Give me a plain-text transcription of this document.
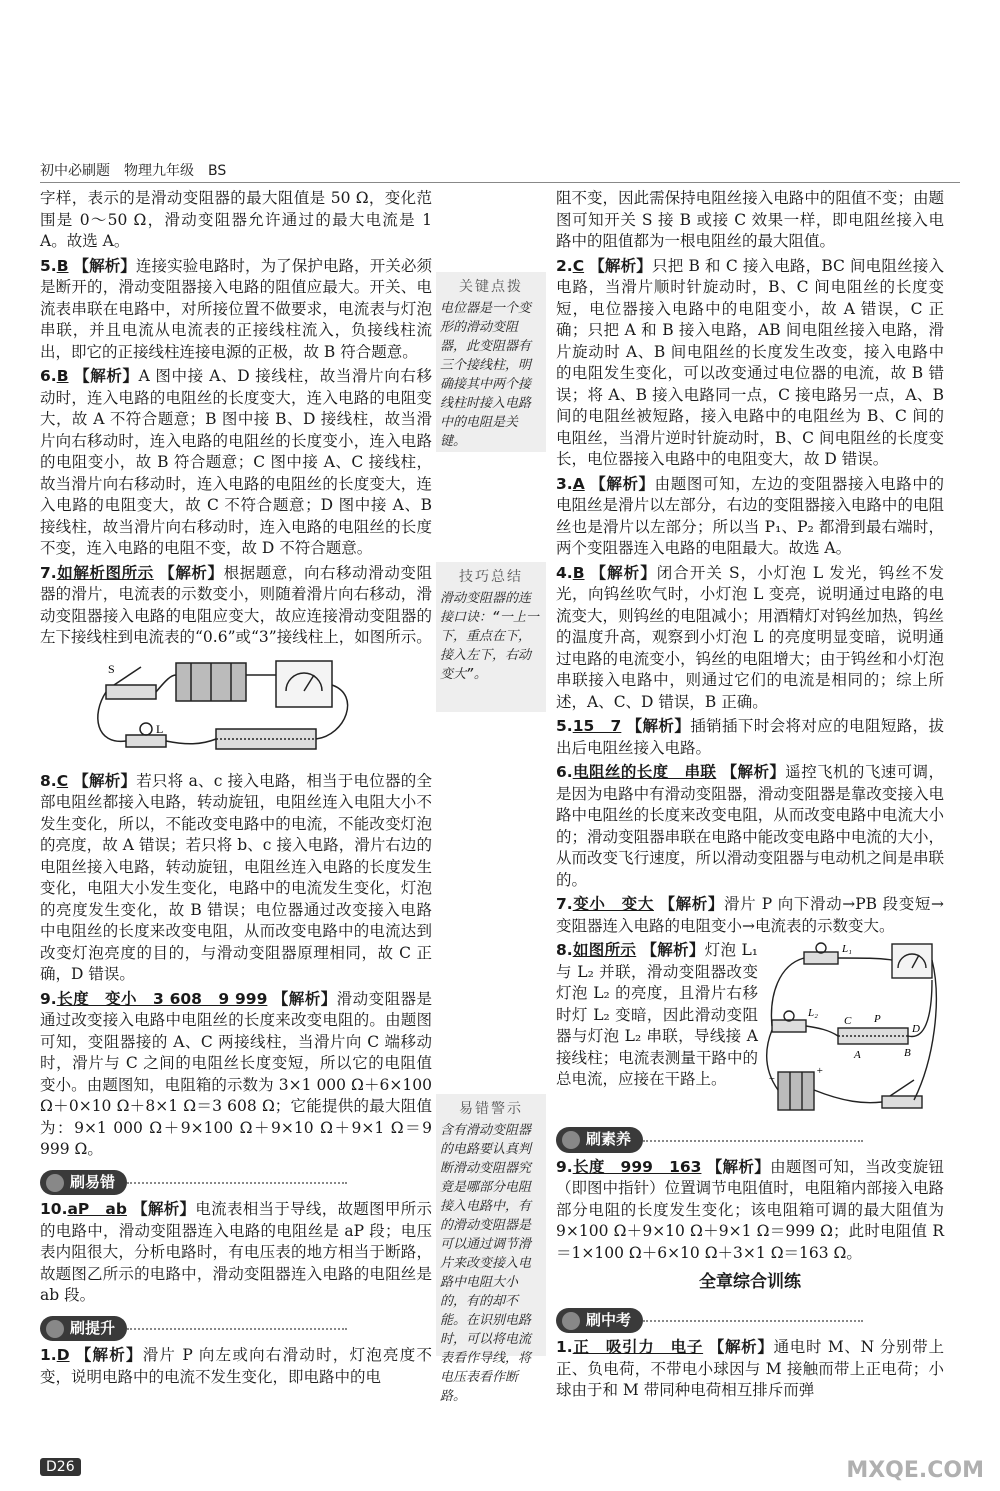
初中必刷题　物理九年级　BS
字样，表示的是滑动变阻器的最大阻值是 50 Ω，变化范围是 0～50 Ω，滑动变阻器允许通过的最大电流是 1 A。故选 A。
5.B 【解析】连接实验电路时，为了保护电路，开关必须是断开的，滑动变阻器接入电路的阻值应最大。开关、电流表串联在电路中，对所接位置不做要求，电流表与灯泡串联，并且电流从电流表的正接线柱流入，负接线柱流出，即它的正接线柱连接电源的正极，故 B 符合题意。
6.B 【解析】A 图中接 A、D 接线柱，故当滑片向右移动时，连入电路的电阻丝的长度变大，连入电路的电阻变大，故 A 不符合题意；B 图中接 B、D 接线柱，故当滑片向右移动时，连入电路的电阻丝的长度变小，连入电路的电阻变小，故 B 符合题意；C 图中接 A、C 接线柱，故当滑片向右移动时，连入电路的电阻丝的长度变大，连入电路的电阻变大，故 C 不符合题意；D 图中接 A、B 接线柱，故当滑片向右移动时，连入电路的电阻丝的长度不变，连入电路的电阻不变，故 D 不符合题意。
7.如解析图所示 【解析】根据题意，向右移动滑动变阻器的滑片，电流表的示数变小，则随着滑片向右移动，滑动变阻器接入电路的电阻应变大，故应连接滑动变阻器的左下接线柱到电流表的“0.6”或“3”接线柱上，如图所示。
S
L
8.C 【解析】若只将 a、c 接入电路，相当于电位器的全部电阻丝都接入电路，转动旋钮，电阻丝连入电阻大小不发生变化，所以，不能改变电路中的电流，不能改变灯泡的亮度，故 A 错误；若只将 b、c 接入电路，滑片右边的电阻丝接入电路，转动旋钮，电阻丝连入电路的长度发生变化，电阻大小发生变化，电路中的电流发生变化，灯泡的亮度发生变化，故 B 错误；电位器通过改变接入电路中电阻丝的长度来改变电阻，从而改变电路中的电流达到改变灯泡亮度的目的，与滑动变阻器原理相同，故 C 正确，D 错误。
9.长度　变小　3 608　9 999 【解析】滑动变阻器是通过改变接入电路中电阻丝的长度来改变电阻的。由题图可知，变阻器接的 A、C 两接线柱，当滑片向 C 端移动时，滑片与 C 之间的电阻丝长度变短，所以它的电阻值变小。由题图知，电阻箱的示数为 3×1 000 Ω＋6×100 Ω＋0×10 Ω＋8×1 Ω＝3 608 Ω；它能提供的最大阻值为：9×1 000 Ω＋9×100 Ω＋9×10 Ω＋9×1 Ω＝9 999 Ω。
刷易错
10.aP　ab 【解析】电流表相当于导线，故题图甲所示的电路中，滑动变阻器连入电路的电阻丝是 aP 段；电压表内阻很大，分析电路时，有电压表的地方相当于断路，故题图乙所示的电路中，滑动变阻器连入电路的电阻丝是 ab 段。
刷提升
1.D 【解析】滑片 P 向左或向右滑动时，灯泡亮度不变，说明电路中的电流不发生变化，即电路中的电
关键点拨
电位器是一个变形的滑动变阻器，此变阻器有三个接线柱，明确接其中两个接线柱时接入电路中的电阻是关键。
技巧总结
滑动变阻器的连接口诀：“一上一下，重点在下，接入左下，右动变大”。
易错警示
含有滑动变阻器的电路要认真判断滑动变阻器究竟是哪部分电阻接入电路中，有的滑动变阻器是可以通过调节滑片来改变接入电路中电阻大小的，有的却不能。在识别电路时，可以将电流表看作导线，将电压表看作断路。
阻不变，因此需保持电阻丝接入电路中的阻值不变；由题图可知开关 S 接 B 或接 C 效果一样，即电阻丝接入电路中的阻值都为一根电阻丝的最大阻值。
2.C 【解析】只把 B 和 C 接入电路，BC 间电阻丝接入电路，当滑片顺时针旋动时，B、C 间电阻丝的长度变短，电位器接入电路中的电阻变小，故 A 错误，C 正确；只把 A 和 B 接入电路，AB 间电阻丝接入电路，滑片旋动时 A、B 间电阻丝的长度发生改变，接入电路中的电阻发生变化，可以改变通过电位器的电流，故 B 错误；将 A、B 接入电路同一点，C 接电路另一点，A、B 间的电阻丝被短路，接入电路中的电阻丝为 B、C 间的电阻丝，当滑片逆时针旋动时，B、C 间电阻丝的长度变长，电位器接入电路中的电阻变大，故 D 错误。
3.A 【解析】由题图可知，左边的变阻器接入电路中的电阻丝是滑片以左部分，右边的变阻器接入电路中的电阻丝也是滑片以左部分；所以当 P₁、P₂ 都滑到最右端时，两个变阻器连入电路的电阻最大。故选 A。
4.B 【解析】闭合开关 S，小灯泡 L 发光，钨丝不发光，向钨丝吹气时，小灯泡 L 变亮，说明通过电路的电流变大，则钨丝的电阻减小；用酒精灯对钨丝加热，钨丝的温度升高，观察到小灯泡 L 的亮度明显变暗，说明通过电路的电流变小，钨丝的电阻增大；由于钨丝和小灯泡串联接入电路中，则通过它们的电流是相同的；综上所述，A、C、D 错误，B 正确。
5.15　7 【解析】插销插下时会将对应的电阻短路，拔出后电阻丝接入电路。
6.电阻丝的长度　串联 【解析】遥控飞机的飞速可调，是因为电路中有滑动变阻器，滑动变阻器是靠改变接入电路中电阻丝的长度来改变电阻，从而改变电路中电流大小的；滑动变阻器串联在电路中能改变电路中电流的大小，从而改变飞行速度，所以滑动变阻器与电动机之间是串联的。
7.变小　变大 【解析】滑片 P 向下滑动→PB 段变短→变阻器连入电路的电阻变小→电流表的示数变大。
L₁
L₂
C P
D
A	B
−
+
8.如图所示 【解析】灯泡 L₁ 与 L₂ 并联，滑动变阻器改变灯泡 L₂ 的亮度，且滑片右移时灯 L₂ 变暗，因此滑动变阻器与灯泡 L₂ 串联，导线接 A 接线柱；电流表测量干路中的总电流，应接在干路上。
刷素养
9.长度　999　163 【解析】由题图可知，当改变旋钮（即图中指针）位置调节电阻值时，电阻箱内部接入电路部分电阻的长度发生变化；该电阻箱可调的最大阻值为 9×100 Ω＋9×10 Ω＋9×1 Ω＝999 Ω；此时电阻值 R＝1×100 Ω＋6×10 Ω＋3×1 Ω＝163 Ω。
全章综合训练
刷中考
1.正　吸引力　电子 【解析】通电时 M、N 分别带上正、负电荷，不带电小球因与 M 接触而带上正电荷；小球由于和 M 带同种电荷相互排斥而弹
D26	MXQE.COM
